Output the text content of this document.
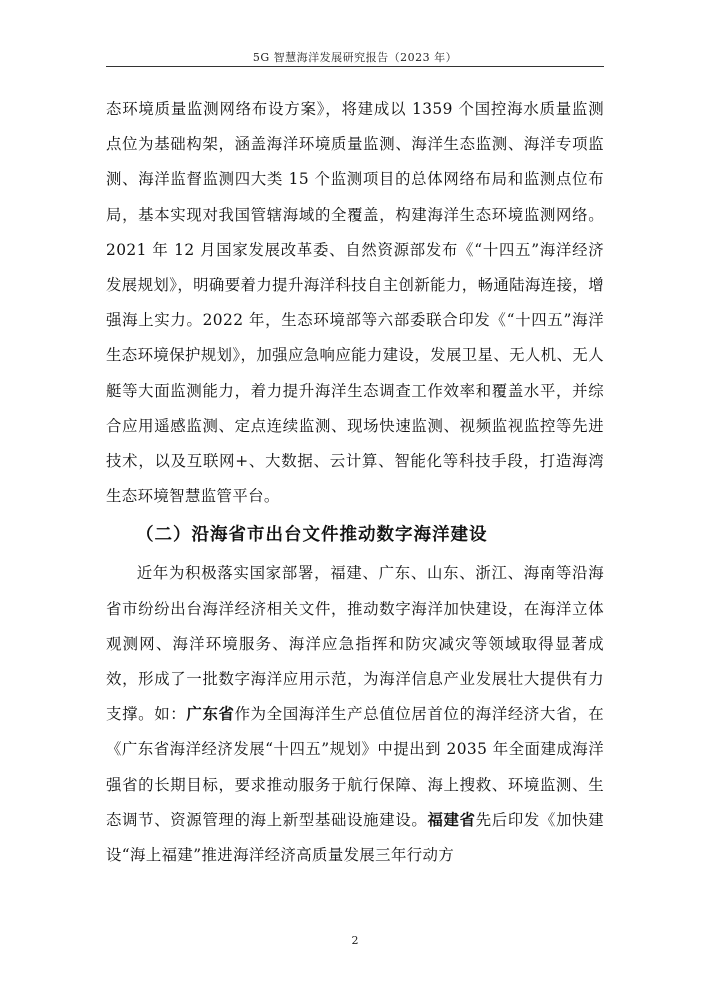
5G 智慧海洋发展研究报告（2023 年）

态环境质量监测网络布设方案》，将建成以 1359 个国控海水质量监测点位为基础构架，涵盖海洋环境质量监测、海洋生态监测、海洋专项监测、海洋监督监测四大类 15 个监测项目的总体网络布局和监测点位布局，基本实现对我国管辖海域的全覆盖，构建海洋生态环境监测网络。2021 年 12 月国家发展改革委、自然资源部发布《“十四五”海洋经济发展规划》，明确要着力提升海洋科技自主创新能力，畅通陆海连接，增强海上实力。2022 年，生态环境部等六部委联合印发《“十四五”海洋生态环境保护规划》，加强应急响应能力建设，发展卫星、无人机、无人艇等大面监测能力，着力提升海洋生态调查工作效率和覆盖水平，并综合应用遥感监测、定点连续监测、现场快速监测、视频监视监控等先进技术，以及互联网+、大数据、云计算、智能化等科技手段，打造海湾生态环境智慧监管平台。

（二）沿海省市出台文件推动数字海洋建设

近年为积极落实国家部署，福建、广东、山东、浙江、海南等沿海省市纷纷出台海洋经济相关文件，推动数字海洋加快建设，在海洋立体观测网、海洋环境服务、海洋应急指挥和防灾减灾等领域取得显著成效，形成了一批数字海洋应用示范，为海洋信息产业发展壮大提供有力支撑。如：广东省作为全国海洋生产总值位居首位的海洋经济大省，在《广东省海洋经济发展“十四五”规划》中提出到 2035 年全面建成海洋强省的长期目标，要求推动服务于航行保障、海上搜救、环境监测、生态调节、资源管理的海上新型基础设施建设。福建省先后印发《加快建设“海上福建”推进海洋经济高质量发展三年行动方

2
